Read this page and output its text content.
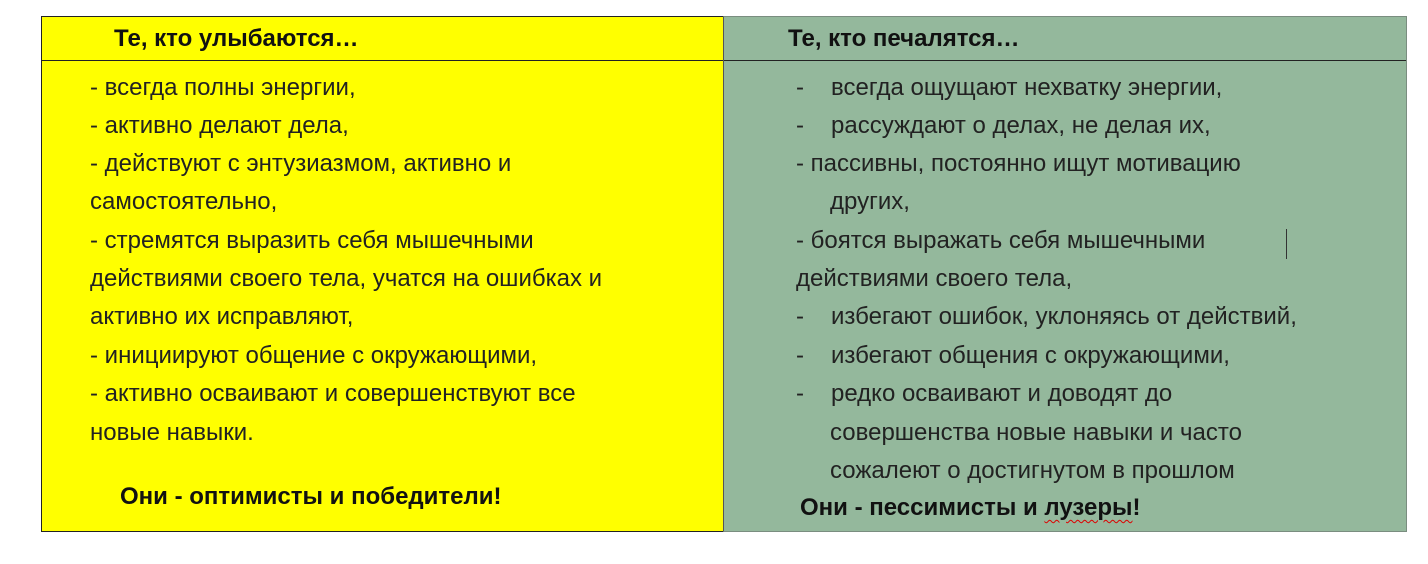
Те, кто улыбаются…
- всегда полны энергии,
- активно делают дела,
- действуют с энтузиазмом, активно и
самостоятельно,
- стремятся выразить себя мышечными
действиями своего тела, учатся на ошибках и
активно их исправляют,
- инициируют общение с окружающими,
- активно осваивают и совершенствуют все
новые навыки.
Они - оптимисты и победители!
Те, кто печалятся…
- всегда ощущают нехватку энергии,
- рассуждают о делах, не делая их,
- пассивны, постоянно ищут мотивацию
других,
- боятся выражать себя мышечными
действиями своего тела,
- избегают ошибок, уклоняясь от действий,
- избегают общения с окружающими,
- редко осваивают и доводят до
совершенства новые навыки и часто
сожалеют о достигнутом в прошлом
Они - пессимисты и лузеры!
